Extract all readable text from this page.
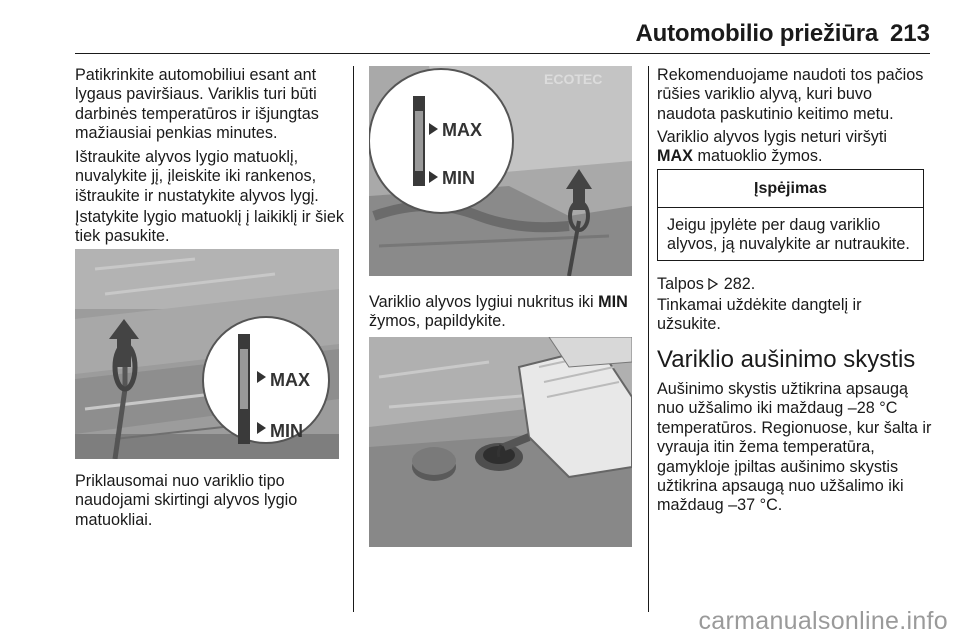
Automobilio priežiūra 213

Patikrinkite automobiliui esant ant lygaus paviršiaus. Variklis turi būti darbinės temperatūros ir išjungtas mažiausiai penkias minutes.

Ištraukite alyvos lygio matuoklį, nuvalykite jį, įleiskite iki rankenos, ištraukite ir nustatykite alyvos lygį.

Įstatykite lygio matuoklį į laikiklį ir šiek tiek pasukite.

MAX
MIN

Priklausomai nuo variklio tipo naudojami skirtingi alyvos lygio matuokliai.

ECOTEC
MAX
MIN

Variklio alyvos lygiui nukritus iki MIN žymos, papildykite.

Rekomenduojame naudoti tos pačios rūšies variklio alyvą, kuri buvo naudota paskutinio keitimo metu.

Variklio alyvos lygis neturi viršyti MAX matuoklio žymos.

Įspėjimas
Jeigu įpylėte per daug variklio alyvos, ją nuvalykite ar nutraukite.

Talpos  282.

Tinkamai uždėkite dangtelį ir užsukite.

Variklio aušinimo skystis

Aušinimo skystis užtikrina apsaugą nuo užšalimo iki maždaug –28 °C temperatūros. Regionuose, kur šalta ir vyrauja itin žema temperatūra, gamykloje įpiltas aušinimo skystis užtikrina apsaugą nuo užšalimo iki maždaug –37 °C.

carmanualsonline.info
